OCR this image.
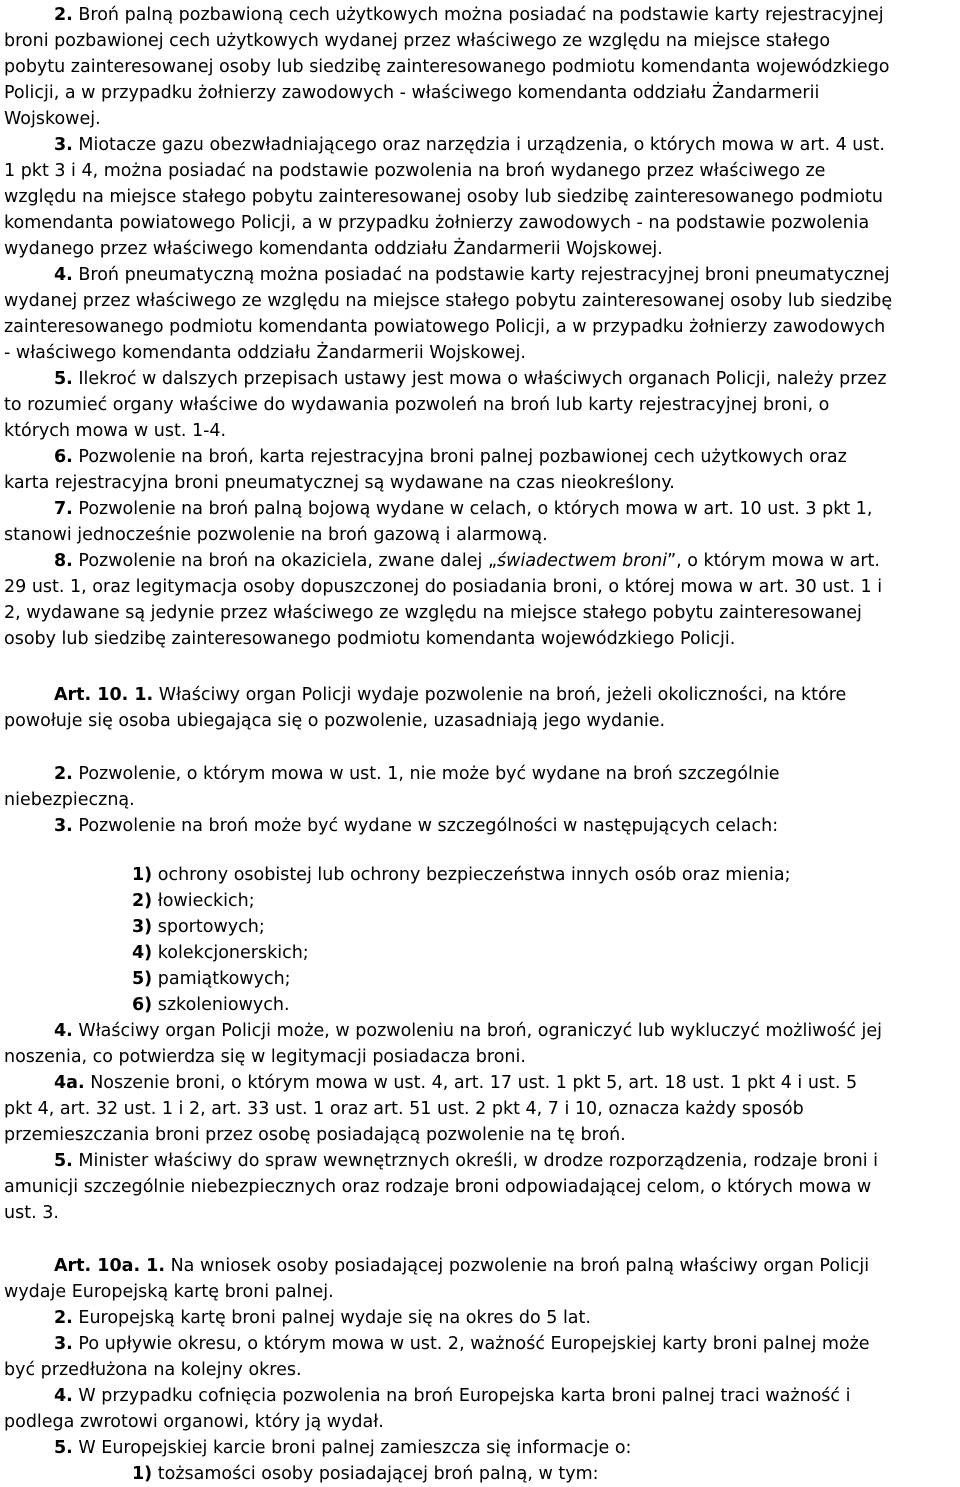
2. Broń palną pozbawioną cech użytkowych można posiadać na podstawie karty rejestracyjnej
broni pozbawionej cech użytkowych wydanej przez właściwego ze względu na miejsce stałego
pobytu zainteresowanej osoby lub siedzibę zainteresowanego podmiotu komendanta wojewódzkiego
Policji, a w przypadku żołnierzy zawodowych - właściwego komendanta oddziału Żandarmerii
Wojskowej.
3. Miotacze gazu obezwładniającego oraz narzędzia i urządzenia, o których mowa w art. 4 ust.
1 pkt 3 i 4, można posiadać na podstawie pozwolenia na broń wydanego przez właściwego ze
względu na miejsce stałego pobytu zainteresowanej osoby lub siedzibę zainteresowanego podmiotu
komendanta powiatowego Policji, a w przypadku żołnierzy zawodowych - na podstawie pozwolenia
wydanego przez właściwego komendanta oddziału Żandarmerii Wojskowej.
4. Broń pneumatyczną można posiadać na podstawie karty rejestracyjnej broni pneumatycznej
wydanej przez właściwego ze względu na miejsce stałego pobytu zainteresowanej osoby lub siedzibę
zainteresowanego podmiotu komendanta powiatowego Policji, a w przypadku żołnierzy zawodowych
- właściwego komendanta oddziału Żandarmerii Wojskowej.
5. Ilekroć w dalszych przepisach ustawy jest mowa o właściwych organach Policji, należy przez
to rozumieć organy właściwe do wydawania pozwoleń na broń lub karty rejestracyjnej broni, o
których mowa w ust. 1-4.
6. Pozwolenie na broń, karta rejestracyjna broni palnej pozbawionej cech użytkowych oraz
karta rejestracyjna broni pneumatycznej są wydawane na czas nieokreślony.
7. Pozwolenie na broń palną bojową wydane w celach, o których mowa w art. 10 ust. 3 pkt 1,
stanowi jednocześnie pozwolenie na broń gazową i alarmową.
8. Pozwolenie na broń na okaziciela, zwane dalej „świadectwem broni”, o którym mowa w art.
29 ust. 1, oraz legitymacja osoby dopuszczonej do posiadania broni, o której mowa w art. 30 ust. 1 i
2, wydawane są jedynie przez właściwego ze względu na miejsce stałego pobytu zainteresowanej
osoby lub siedzibę zainteresowanego podmiotu komendanta wojewódzkiego Policji.
Art. 10. 1. Właściwy organ Policji wydaje pozwolenie na broń, jeżeli okoliczności, na które
powołuje się osoba ubiegająca się o pozwolenie, uzasadniają jego wydanie.
2. Pozwolenie, o którym mowa w ust. 1, nie może być wydane na broń szczególnie
niebezpieczną.
3. Pozwolenie na broń może być wydane w szczególności w następujących celach:
1) ochrony osobistej lub ochrony bezpieczeństwa innych osób oraz mienia;
2) łowieckich;
3) sportowych;
4) kolekcjonerskich;
5) pamiątkowych;
6) szkoleniowych.
4. Właściwy organ Policji może, w pozwoleniu na broń, ograniczyć lub wykluczyć możliwość jej
noszenia, co potwierdza się w legitymacji posiadacza broni.
4a. Noszenie broni, o którym mowa w ust. 4, art. 17 ust. 1 pkt 5, art. 18 ust. 1 pkt 4 i ust. 5
pkt 4, art. 32 ust. 1 i 2, art. 33 ust. 1 oraz art. 51 ust. 2 pkt 4, 7 i 10, oznacza każdy sposób
przemieszczania broni przez osobę posiadającą pozwolenie na tę broń.
5. Minister właściwy do spraw wewnętrznych określi, w drodze rozporządzenia, rodzaje broni i
amunicji szczególnie niebezpiecznych oraz rodzaje broni odpowiadającej celom, o których mowa w
ust. 3.
Art. 10a. 1. Na wniosek osoby posiadającej pozwolenie na broń palną właściwy organ Policji
wydaje Europejską kartę broni palnej.
2. Europejską kartę broni palnej wydaje się na okres do 5 lat.
3. Po upływie okresu, o którym mowa w ust. 2, ważność Europejskiej karty broni palnej może
być przedłużona na kolejny okres.
4. W przypadku cofnięcia pozwolenia na broń Europejska karta broni palnej traci ważność i
podlega zwrotowi organowi, który ją wydał.
5. W Europejskiej karcie broni palnej zamieszcza się informacje o:
1) tożsamości osoby posiadającej broń palną, w tym:
